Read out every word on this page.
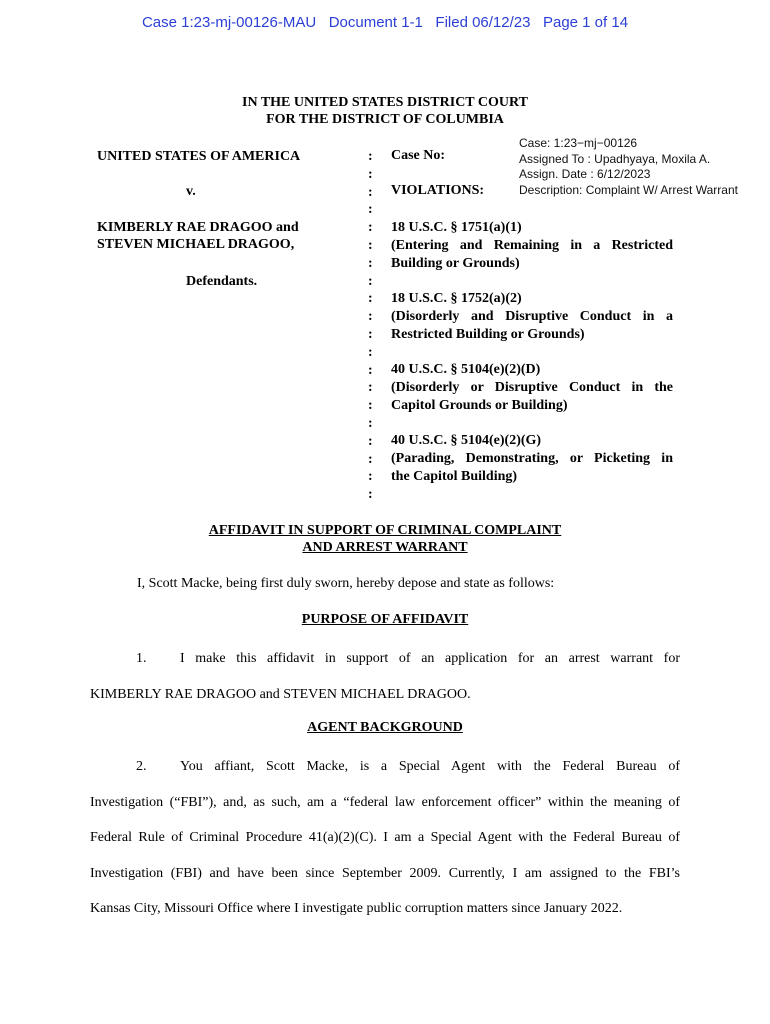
Case 1:23-mj-00126-MAU   Document 1-1   Filed 06/12/23   Page 1 of 14
IN THE UNITED STATES DISTRICT COURT
FOR THE DISTRICT OF COLUMBIA
Case: 1:23−mj−00126
Assigned To : Upadhyaya, Moxila A.
Assign. Date : 6/12/2023
Description: Complaint W/ Arrest Warrant
UNITED STATES OF AMERICA
v.
KIMBERLY RAE DRAGOO and
STEVEN MICHAEL DRAGOO,
Defendants.
:
:
:
:
:
:
:
:
:
:
:
:
:
:
:
:
:
:
:
:
Case No:
VIOLATIONS:
18 U.S.C. § 1751(a)(1)
(Entering and Remaining in a Restricted
Building or Grounds)
18 U.S.C. § 1752(a)(2)
(Disorderly and Disruptive Conduct in a
Restricted Building or Grounds)
40 U.S.C. § 5104(e)(2)(D)
(Disorderly or Disruptive Conduct in the
Capitol Grounds or Building)
40 U.S.C. § 5104(e)(2)(G)
(Parading, Demonstrating, or Picketing in
the Capitol Building)
AFFIDAVIT IN SUPPORT OF CRIMINAL COMPLAINT
AND ARREST WARRANT
I, Scott Macke, being first duly sworn, hereby depose and state as follows:
PURPOSE OF AFFIDAVIT
1. I make this affidavit in support of an application for an arrest warrant for
KIMBERLY RAE DRAGOO and STEVEN MICHAEL DRAGOO.
AGENT BACKGROUND
2. You affiant, Scott Macke, is a Special Agent with the Federal Bureau of
Investigation (“FBI”), and, as such, am a “federal law enforcement officer” within the meaning of
Federal Rule of Criminal Procedure 41(a)(2)(C). I am a Special Agent with the Federal Bureau of
Investigation (FBI) and have been since September 2009. Currently, I am assigned to the FBI’s
Kansas City, Missouri Office where I investigate public corruption matters since January 2022.
